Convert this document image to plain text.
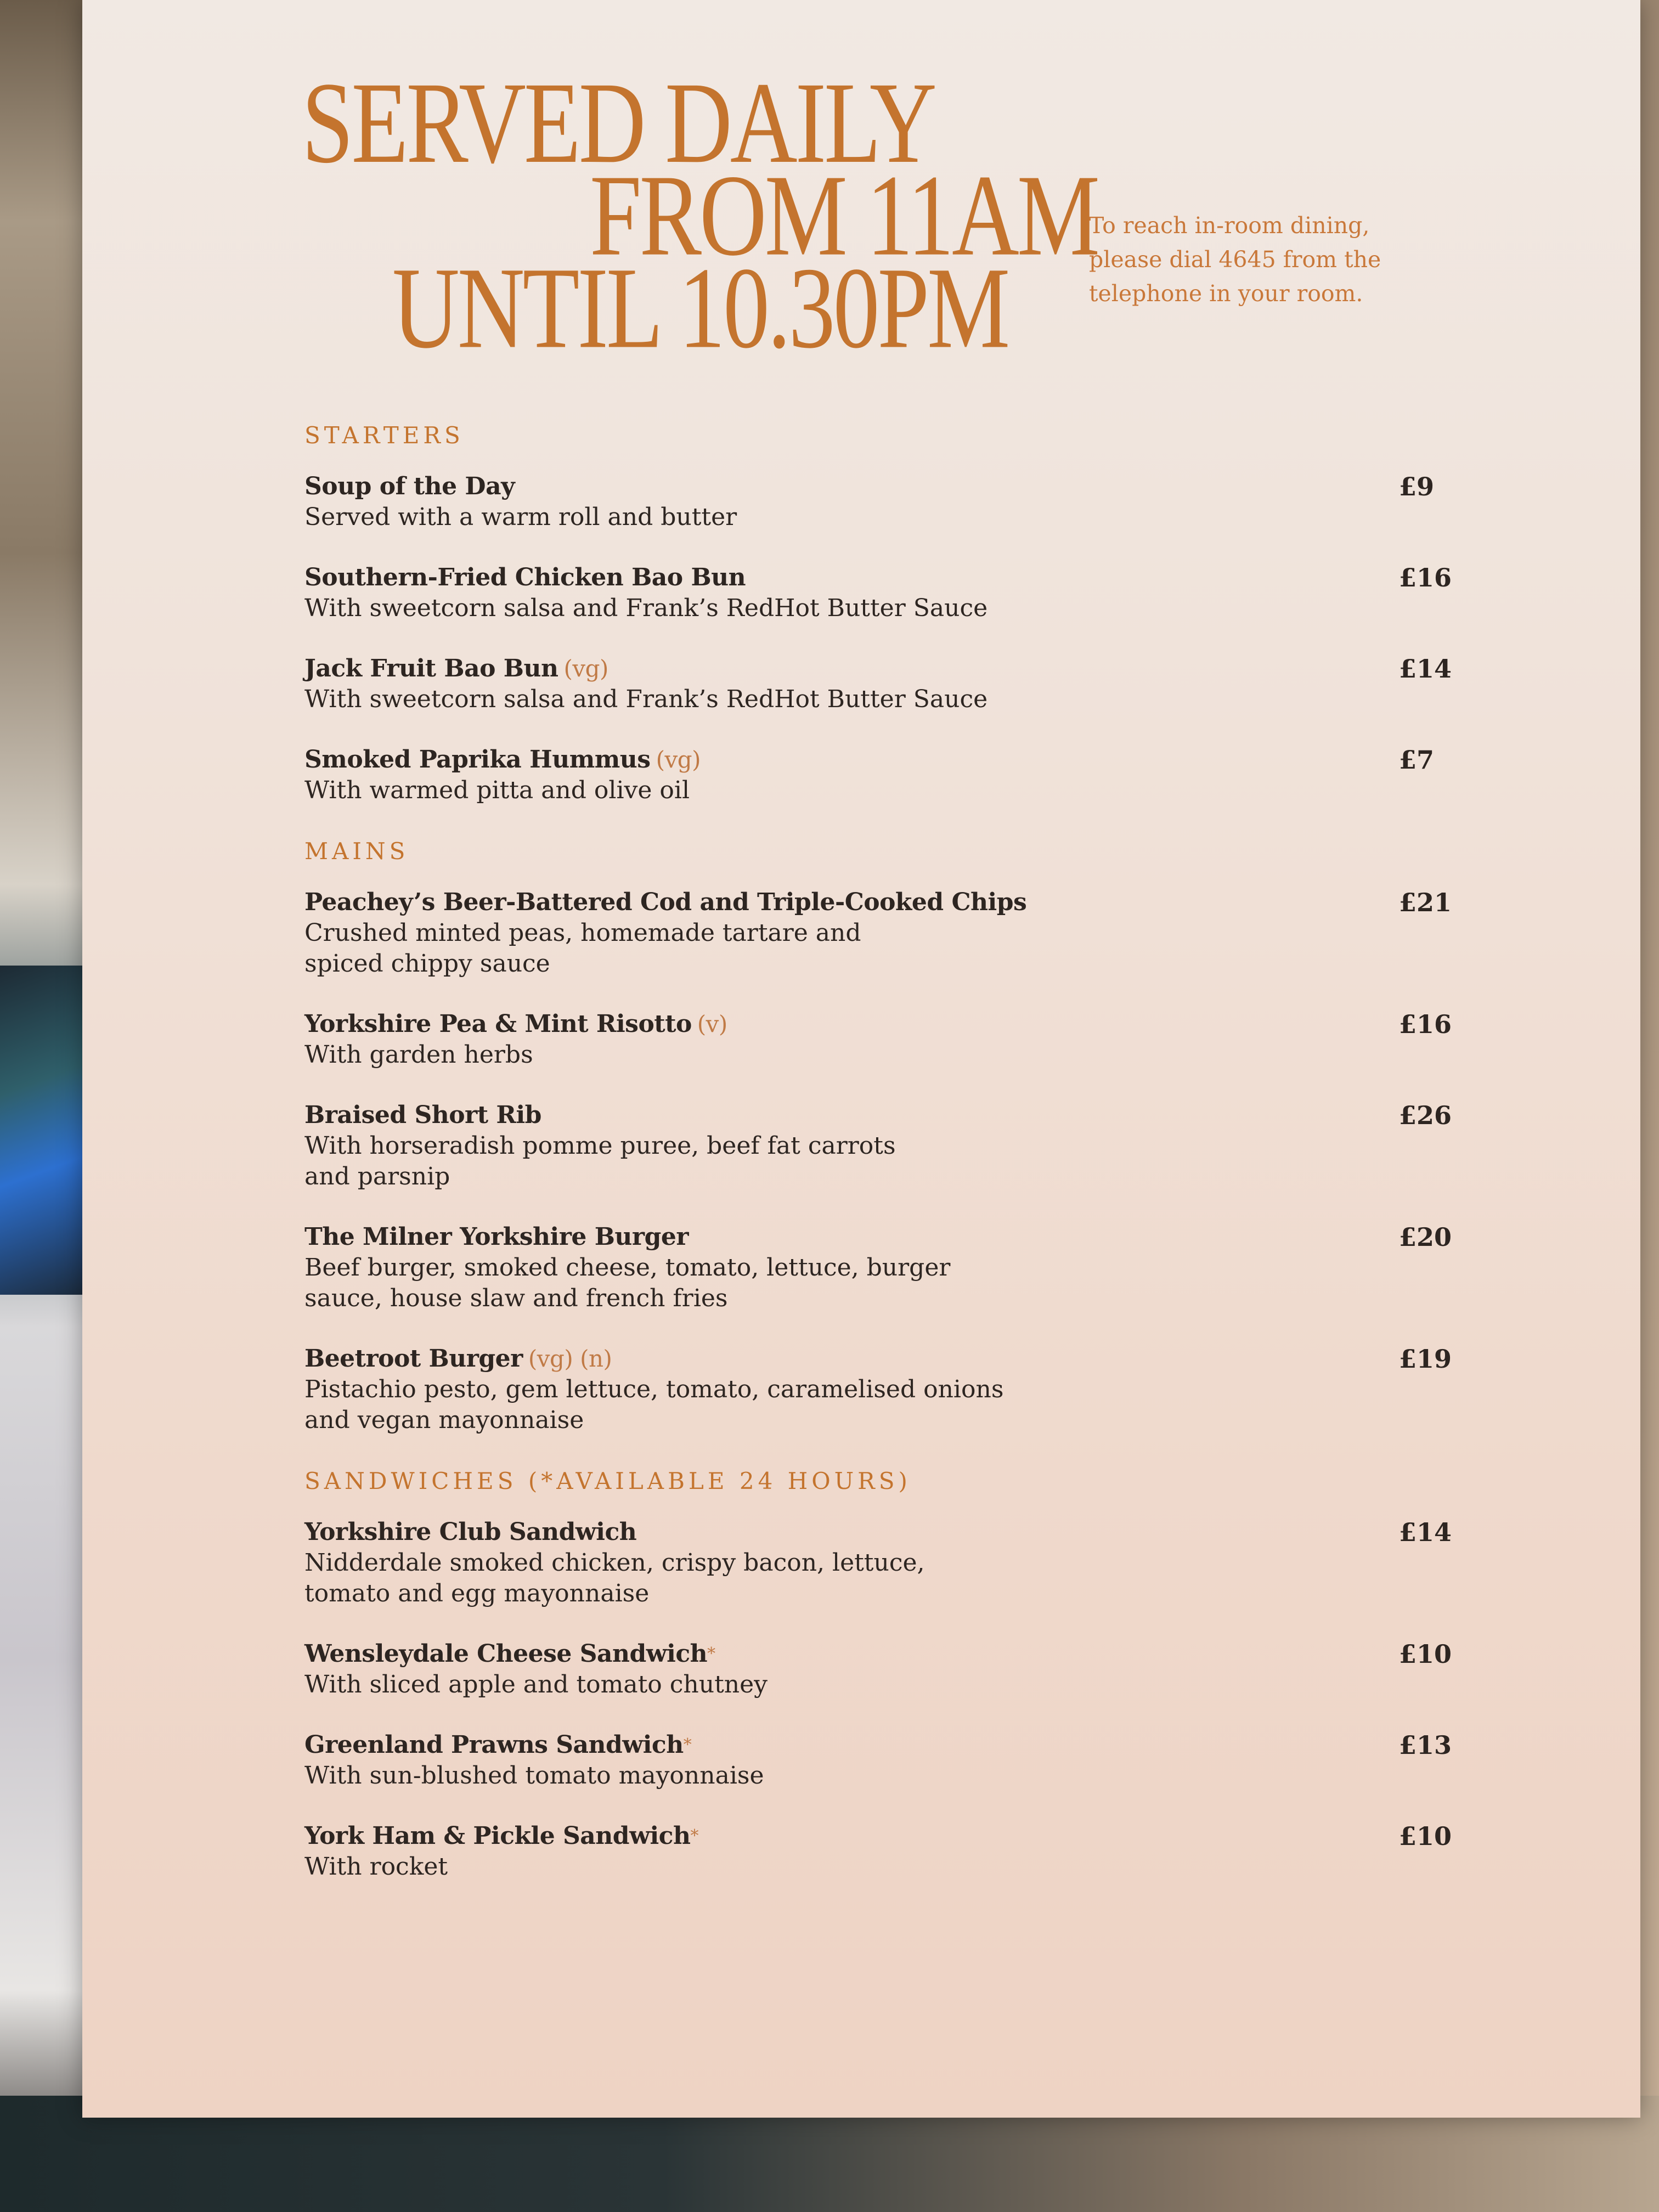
SERVED DAILY
FROM 11AM
UNTIL 10.30PM
To reach in-room dining,
please dial 4645 from the
telephone in your room.
STARTERS
Soup of the Day
Served with a warm roll and butter
£9
Southern-Fried Chicken Bao Bun
With sweetcorn salsa and Frank’s RedHot Butter Sauce
£16
Jack Fruit Bao Bun (vg)
With sweetcorn salsa and Frank’s RedHot Butter Sauce
£14
Smoked Paprika Hummus (vg)
With warmed pitta and olive oil
£7
MAINS
Peachey’s Beer-Battered Cod and Triple-Cooked Chips
Crushed minted peas, homemade tartare and
spiced chippy sauce
£21
Yorkshire Pea & Mint Risotto (v)
With garden herbs
£16
Braised Short Rib
With horseradish pomme puree, beef fat carrots
and parsnip
£26
The Milner Yorkshire Burger
Beef burger, smoked cheese, tomato, lettuce, burger
sauce, house slaw and french fries
£20
Beetroot Burger (vg) (n)
Pistachio pesto, gem lettuce, tomato, caramelised onions
and vegan mayonnaise
£19
SANDWICHES (*AVAILABLE 24 HOURS)
Yorkshire Club Sandwich
Nidderdale smoked chicken, crispy bacon, lettuce,
tomato and egg mayonnaise
£14
Wensleydale Cheese Sandwich*
With sliced apple and tomato chutney
£10
Greenland Prawns Sandwich*
With sun-blushed tomato mayonnaise
£13
York Ham & Pickle Sandwich*
With rocket
£10
